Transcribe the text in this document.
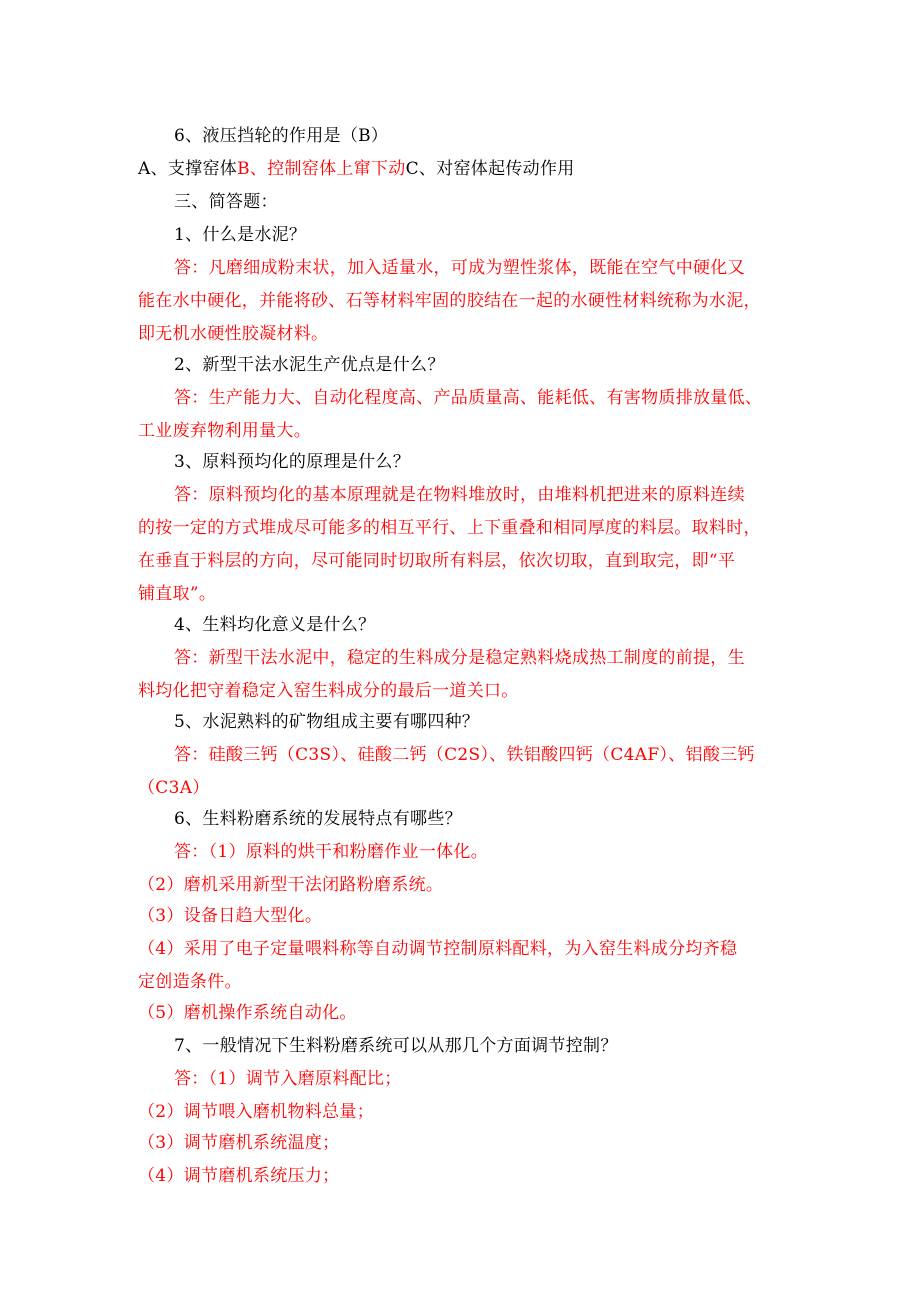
6、液压挡轮的作用是（B）
A、支撑窑体B、控制窑体上窜下动C、对窑体起传动作用
三、简答题：
1、什么是水泥？
答：凡磨细成粉末状，加入适量水，可成为塑性浆体，既能在空气中硬化又
能在水中硬化，并能将砂、石等材料牢固的胶结在一起的水硬性材料统称为水泥，
即无机水硬性胶凝材料。
2、新型干法水泥生产优点是什么？
答：生产能力大、自动化程度高、产品质量高、能耗低、有害物质排放量低、
工业废弃物利用量大。
3、原料预均化的原理是什么？
答：原料预均化的基本原理就是在物料堆放时，由堆料机把进来的原料连续
的按一定的方式堆成尽可能多的相互平行、上下重叠和相同厚度的料层。取料时，
在垂直于料层的方向，尽可能同时切取所有料层，依次切取，直到取完，即“平
铺直取”。
4、生料均化意义是什么？
答：新型干法水泥中，稳定的生料成分是稳定熟料烧成热工制度的前提，生
料均化把守着稳定入窑生料成分的最后一道关口。
5、水泥熟料的矿物组成主要有哪四种？
答：硅酸三钙（C3S）、硅酸二钙（C2S）、铁铝酸四钙（C4AF）、铝酸三钙
（C3A）
6、生料粉磨系统的发展特点有哪些？
答：（1）原料的烘干和粉磨作业一体化。
（2）磨机采用新型干法闭路粉磨系统。
（3）设备日趋大型化。
（4）采用了电子定量喂料称等自动调节控制原料配料，为入窑生料成分均齐稳
定创造条件。
（5）磨机操作系统自动化。
7、一般情况下生料粉磨系统可以从那几个方面调节控制？
答：（1）调节入磨原料配比；
（2）调节喂入磨机物料总量；
（3）调节磨机系统温度；
（4）调节磨机系统压力；
